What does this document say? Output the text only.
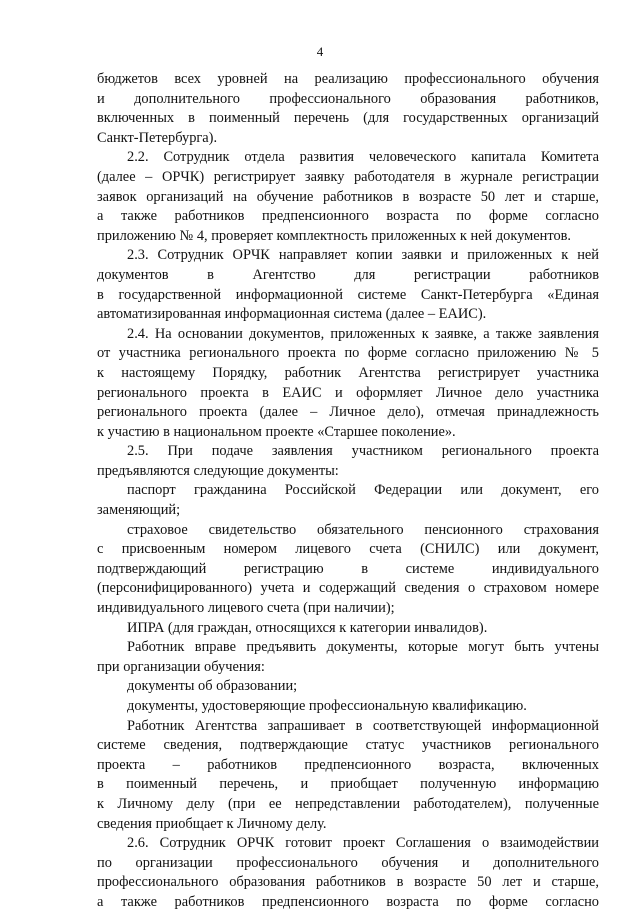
4
бюджетов всех уровней на реализацию профессионального обучения
и дополнительного профессионального образования работников,
включенных в поименный перечень (для государственных организаций
Санкт-Петербурга).
2.2. Сотрудник отдела развития человеческого капитала Комитета
(далее – ОРЧК) регистрирует заявку работодателя в журнале регистрации
заявок организаций на обучение работников в возрасте 50 лет и старше,
а также работников предпенсионного возраста по форме согласно
приложению № 4, проверяет комплектность приложенных к ней документов.
2.3. Сотрудник ОРЧК направляет копии заявки и приложенных к ней
документов в Агентство для регистрации работников
в государственной информационной системе Санкт-Петербурга «Единая
автоматизированная информационная система (далее – ЕАИС).
2.4. На основании документов, приложенных к заявке, а также заявления
от участника регионального проекта по форме согласно приложению № 5
к настоящему Порядку, работник Агентства регистрирует участника
регионального проекта в ЕАИС и оформляет Личное дело участника
регионального проекта (далее – Личное дело), отмечая принадлежность
к участию в национальном проекте «Старшее поколение».
2.5. При подаче заявления участником регионального проекта
предъявляются следующие документы:
паспорт гражданина Российской Федерации или документ, его
заменяющий;
страховое свидетельство обязательного пенсионного страхования
с присвоенным номером лицевого счета (СНИЛС) или документ,
подтверждающий регистрацию в системе индивидуального
(персонифицированного) учета и содержащий сведения о страховом номере
индивидуального лицевого счета (при наличии);
ИПРА (для граждан, относящихся к категории инвалидов).
Работник вправе предъявить документы, которые могут быть учтены
при организации обучения:
документы об образовании;
документы, удостоверяющие профессиональную квалификацию.
Работник Агентства запрашивает в соответствующей информационной
системе сведения, подтверждающие статус участников регионального
проекта – работников предпенсионного возраста, включенных
в поименный перечень, и приобщает полученную информацию
к Личному делу (при ее непредставлении работодателем), полученные
сведения приобщает к Личному делу.
2.6. Сотрудник ОРЧК готовит проект Соглашения о взаимодействии
по организации профессионального обучения и дополнительного
профессионального образования работников в возрасте 50 лет и старше,
а также работников предпенсионного возраста по форме согласно
